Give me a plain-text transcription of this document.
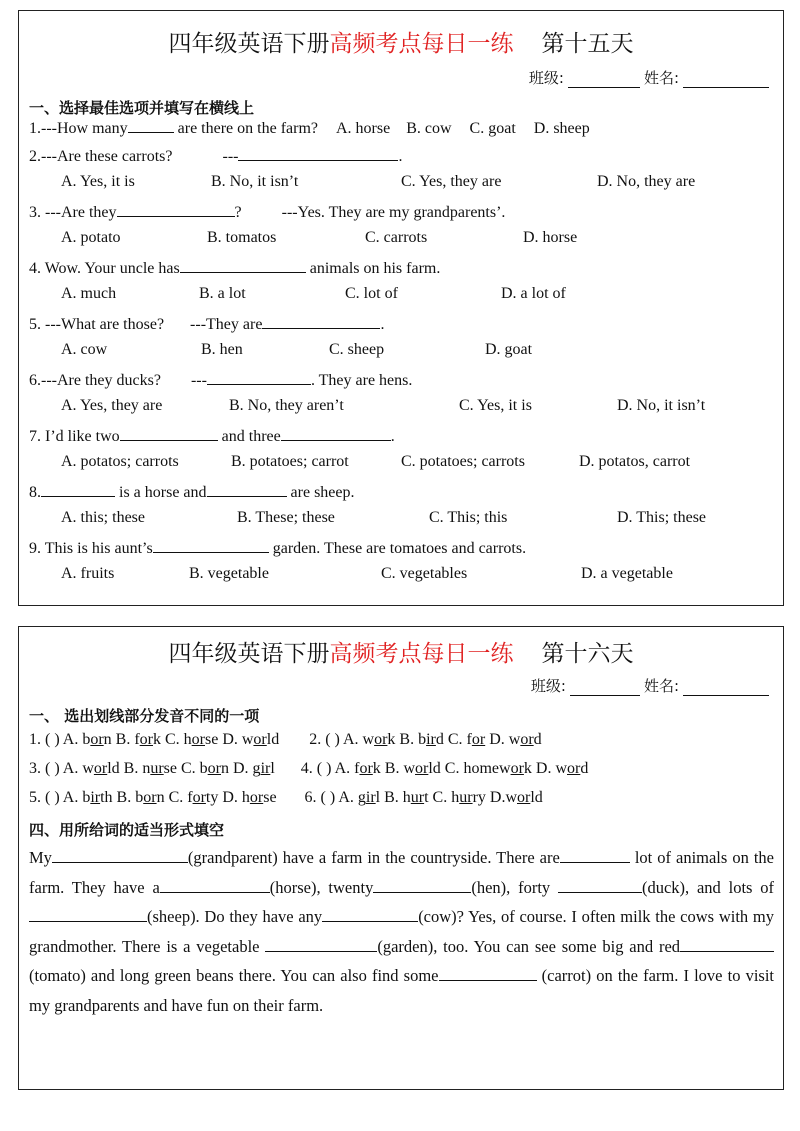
四年级英语下册高频考点每日一练 第十五天
班级:	姓名:
一、选择最佳选项并填写在横线上
1.---How many	are there on the farm? A. horse B. cow C. goat D. sheep
2.---Are these carrots?	---	.
A. Yes, it is	B. No, it isn’t	C. Yes, they are	D. No, they are
3. ---Are they	?	---Yes. They are my grandparents’.
A. potato	B. tomatos	C. carrots	D. horse
4. Wow. Your uncle has	animals on his farm.
A. much	B. a lot	C. lot of	D. a lot of
5. ---What are those? ---They are	.
A. cow	B. hen	C. sheep	D. goat
6.---Are they ducks? ---	. They are hens.
A. Yes, they are	B. No, they aren’t	C. Yes, it is	D. No, it isn’t
7. I’d like two	and three	.
A. potatos; carrots	B. potatoes; carrot	C. potatoes; carrots	D. potatos, carrot
8.	is a horse and	are sheep.
A. this; these	B. These; these	C. This; this	D. This; these
9. This is his aunt’s	garden. These are tomatoes and carrots.
A. fruits	B. vegetable	C. vegetables	D. a vegetable
四年级英语下册高频考点每日一练 第十六天
班级:	姓名:
一、 选出划线部分发音不同的一项
1. ( ) A. born B. fork C. horse D. world 2. ( ) A. work B. bird C. for D. word
3. ( ) A. world B. nurse C. born D. girl 4. ( ) A. fork B. world C. homework D. word
5. ( ) A. birth B. born C. forty D. horse 6. ( ) A. girl B. hurt C. hurry D.world
四、用所给词的适当形式填空
My	(grandparent) have a farm in the countryside. There are	lot of animals on the farm. They have a	(horse), twenty	(hen), forty	(duck), and lots of(sheep). Do they have any	(cow)? Yes, of course. I often milk the cows with my grandmother. There is a vegetable	(garden), too. You can see some big and red(tomato) and long green beans there. You can also find some	(carrot) on the farm. I love to visit my grandparents and have fun on their farm.
